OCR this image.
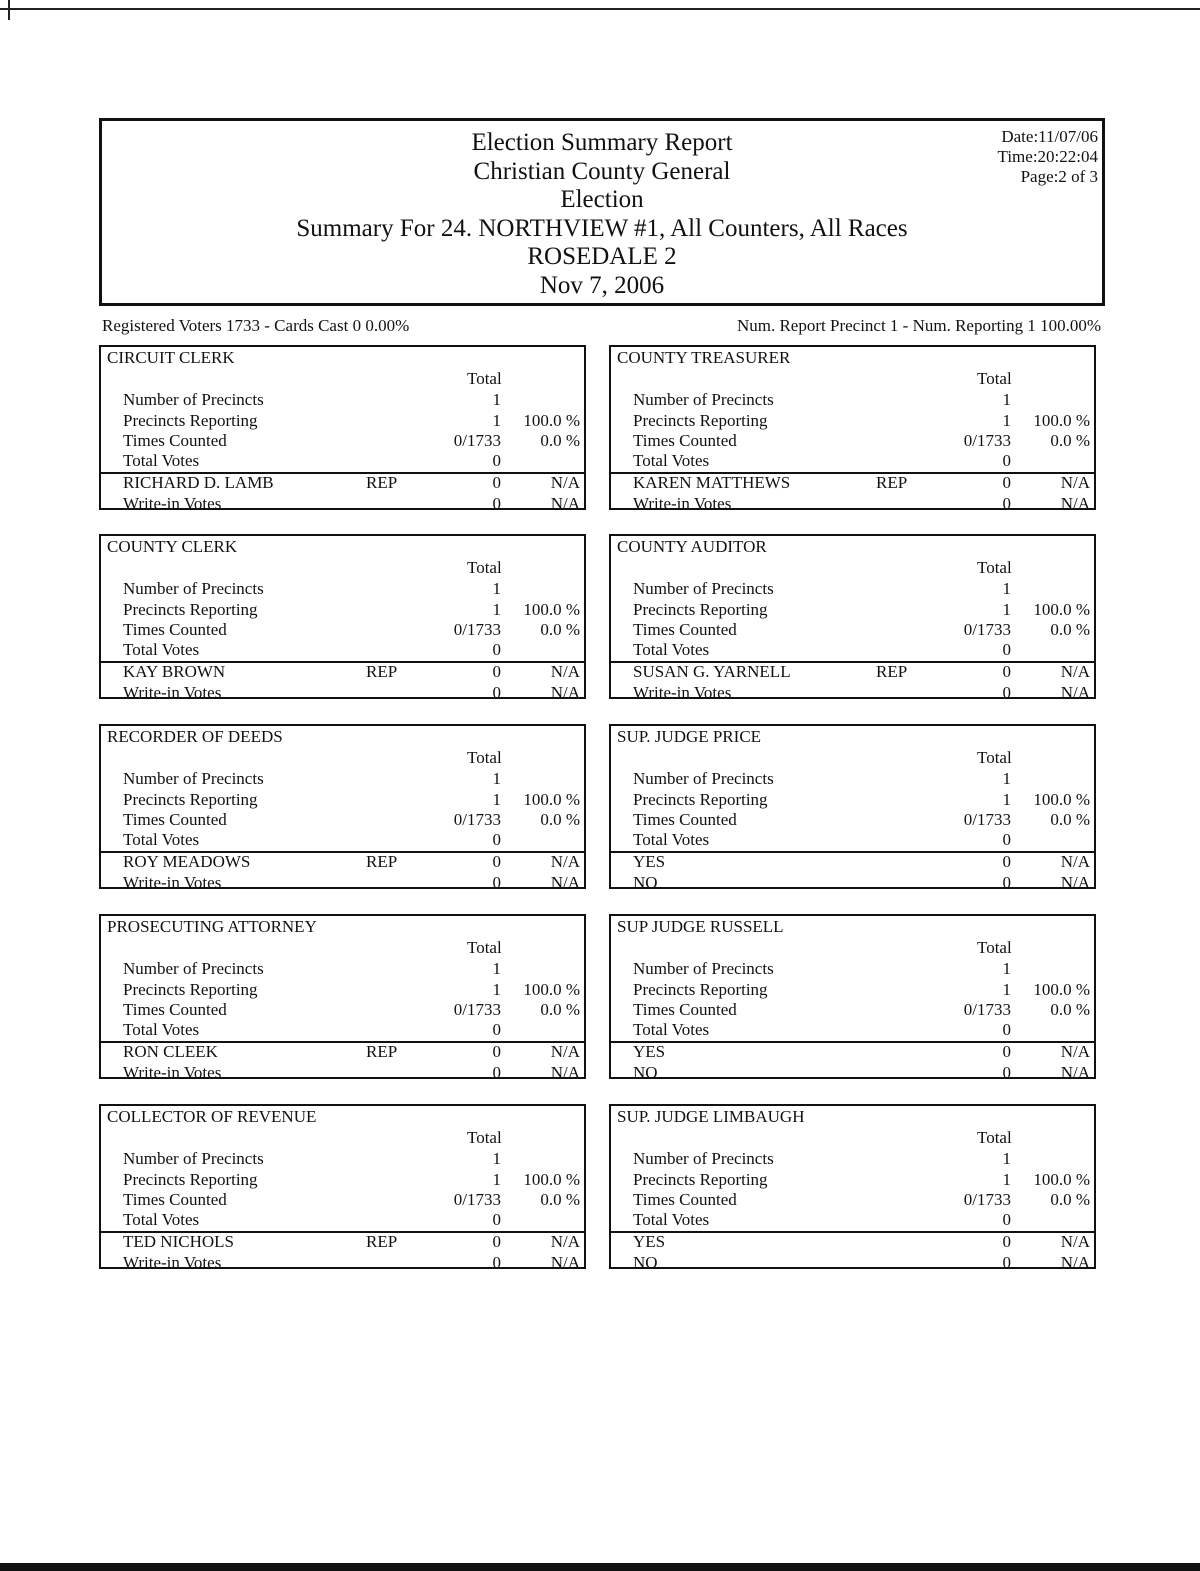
Election Summary Report
Christian County General
Election
Summary For 24. NORTHVIEW #1, All Counters, All Races
ROSEDALE 2
Nov 7, 2006
Date:11/07/06
Time:20:22:04
Page:2 of 3
Registered Voters 1733 - Cards Cast 0 0.00%	Num. Report Precinct 1 - Num. Reporting 1 100.00%
CIRCUIT CLERK
Total
Number of Precincts	1
Precincts Reporting	1 100.0 %
Times Counted	0/1733 0.0 %
Total Votes	0
RICHARD D. LAMB	REP	0	N/A
Write-in Votes	0	N/A
COUNTY TREASURER
Total
Number of Precincts	1
Precincts Reporting	1 100.0 %
Times Counted	0/1733 0.0 %
Total Votes	0
KAREN MATTHEWS	REP	0	N/A
Write-in Votes	0	N/A
COUNTY CLERK
Total
Number of Precincts	1
Precincts Reporting	1 100.0 %
Times Counted	0/1733 0.0 %
Total Votes	0
KAY BROWN	REP	0	N/A
Write-in Votes	0	N/A
COUNTY AUDITOR
Total
Number of Precincts	1
Precincts Reporting	1 100.0 %
Times Counted	0/1733 0.0 %
Total Votes	0
SUSAN G. YARNELL	REP	0	N/A
Write-in Votes	0	N/A
RECORDER OF DEEDS
Total
Number of Precincts	1
Precincts Reporting	1 100.0 %
Times Counted	0/1733 0.0 %
Total Votes	0
ROY MEADOWS	REP	0	N/A
Write-in Votes	0	N/A
SUP. JUDGE PRICE
Total
Number of Precincts	1
Precincts Reporting	1 100.0 %
Times Counted	0/1733 0.0 %
Total Votes	0
YES	0	N/A
NO	0	N/A
PROSECUTING ATTORNEY
Total
Number of Precincts	1
Precincts Reporting	1 100.0 %
Times Counted	0/1733 0.0 %
Total Votes	0
RON CLEEK	REP	0	N/A
Write-in Votes	0	N/A
SUP JUDGE RUSSELL
Total
Number of Precincts	1
Precincts Reporting	1 100.0 %
Times Counted	0/1733 0.0 %
Total Votes	0
YES	0	N/A
NO	0	N/A
COLLECTOR OF REVENUE
Total
Number of Precincts	1
Precincts Reporting	1 100.0 %
Times Counted	0/1733 0.0 %
Total Votes	0
TED NICHOLS	REP	0	N/A
Write-in Votes	0	N/A
SUP. JUDGE LIMBAUGH
Total
Number of Precincts	1
Precincts Reporting	1 100.0 %
Times Counted	0/1733 0.0 %
Total Votes	0
YES	0	N/A
NO	0	N/A
